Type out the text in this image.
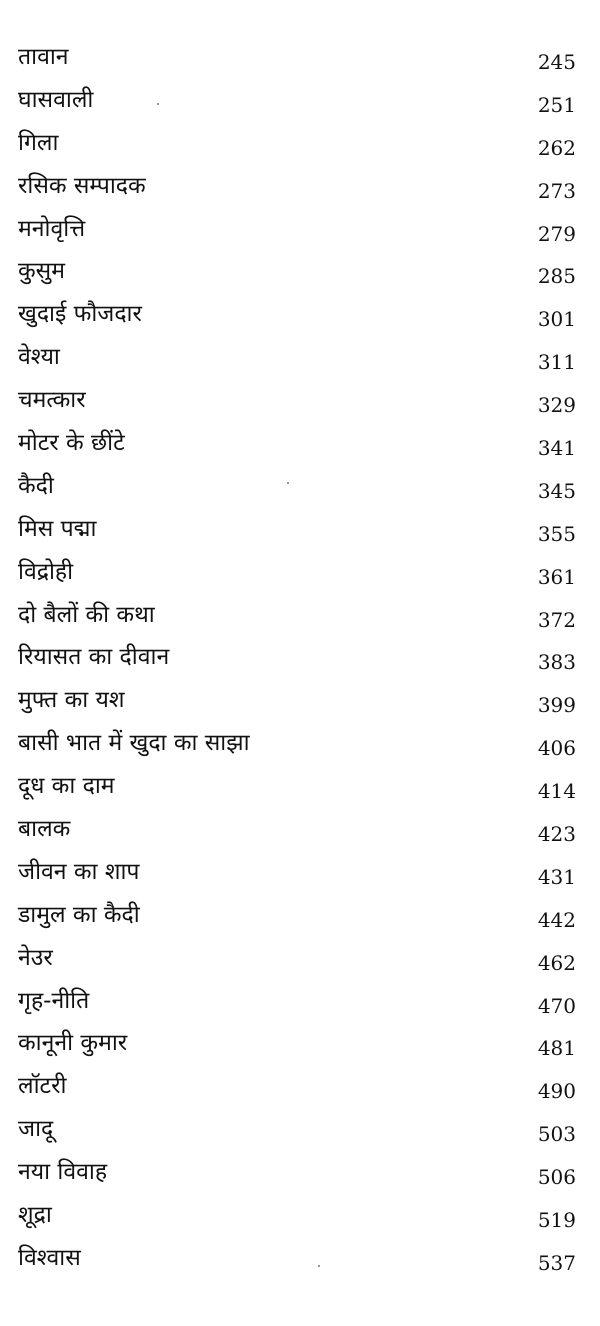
तावान	245
घासवाली	251
गिला	262
रसिक सम्पादक	273
मनोवृत्ति	279
कुसुम	285
खुदाई फौजदार	301
वेश्या	311
चमत्कार	329
मोटर के छींटे	341
कैदी	345
मिस पद्मा	355
विद्रोही	361
दो बैलों की कथा	372
रियासत का दीवान	383
मुफ्त का यश	399
बासी भात में खुदा का साझा	406
दूध का दाम	414
बालक	423
जीवन का शाप	431
डामुल का कैदी	442
नेउर	462
गृह-नीति	470
कानूनी कुमार	481
लॉटरी	490
जादू	503
नया विवाह	506
शूद्रा	519
विश्वास	537
